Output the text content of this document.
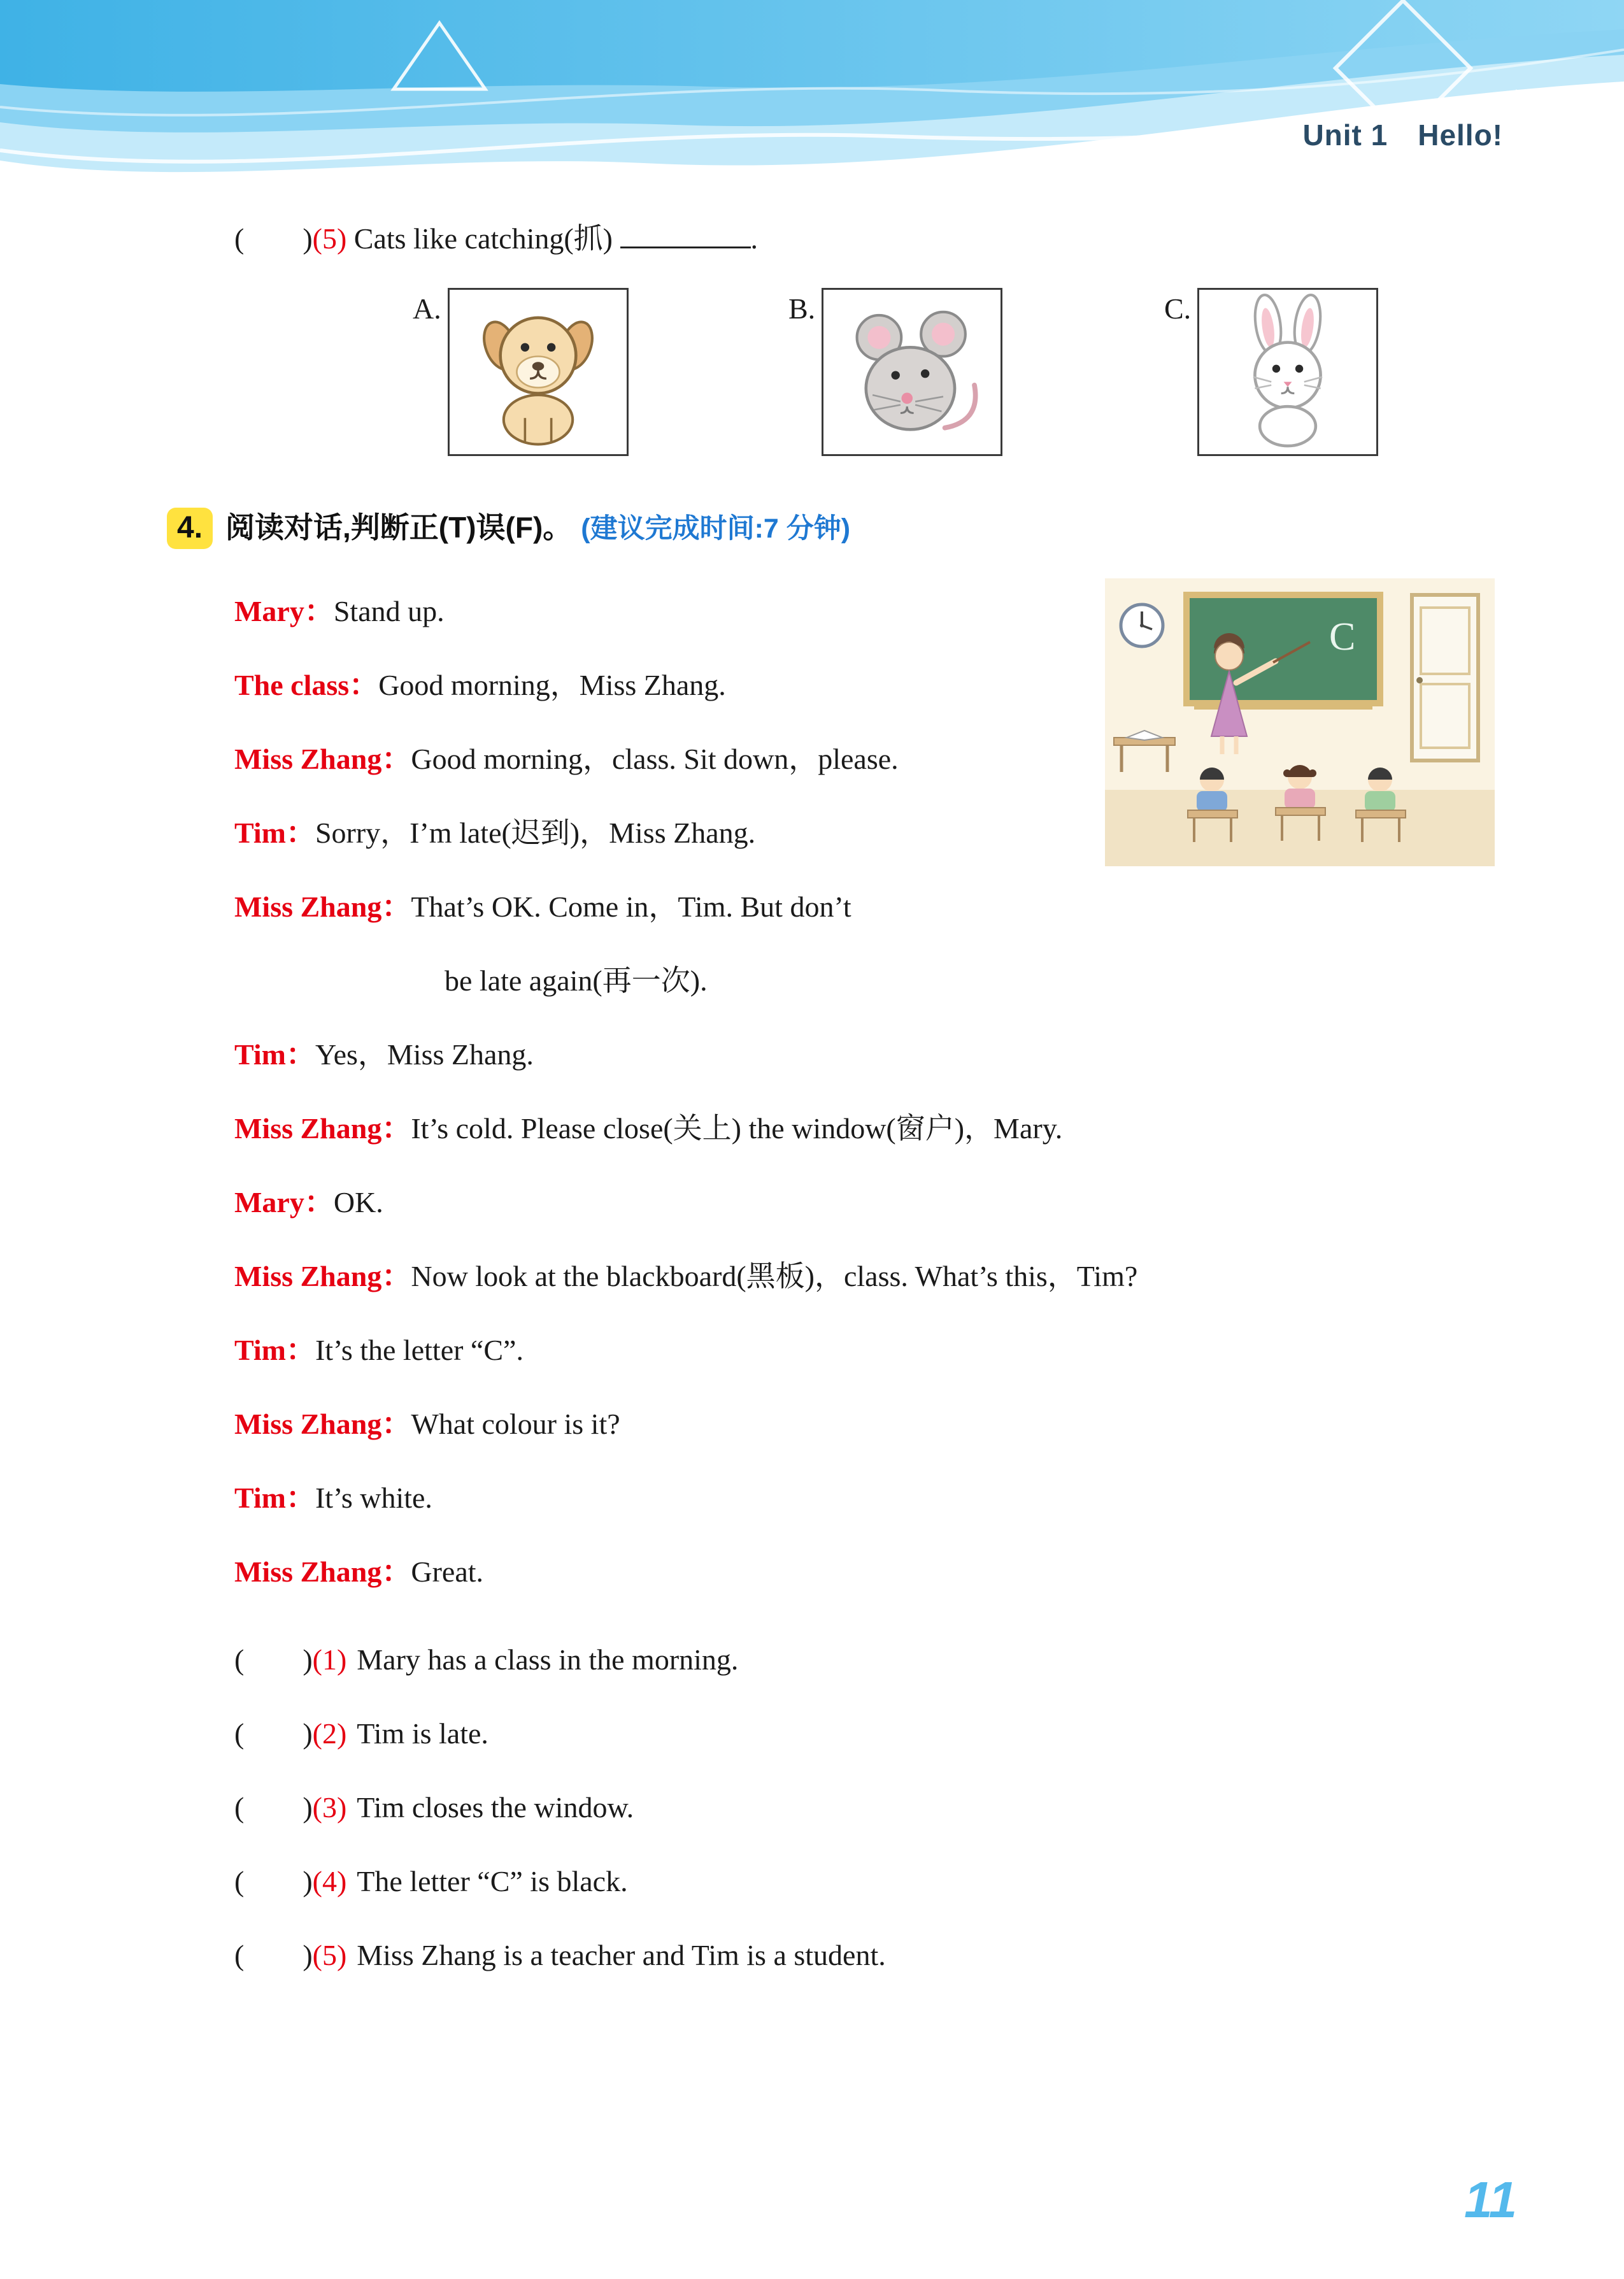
Unit 1　Hello!
(　　)(5) Cats like catching(抓)	.
A.	B.	C.
4. 阅读对话,判断正(T)误(F)。 (建议完成时间:7 分钟)
C
Mary：Stand up.
The class：Good morning，Miss Zhang.
Miss Zhang：Good morning，class. Sit down，please.
Tim：Sorry，I’m late(迟到)，Miss Zhang.
Miss Zhang：That’s OK. Come in，Tim. But don’t
be late again(再一次).
Tim：Yes，Miss Zhang.
Miss Zhang：It’s cold. Please close(关上) the window(窗户)，Mary.
Mary：OK.
Miss Zhang：Now look at the blackboard(黑板)，class. What’s this，Tim?
Tim：It’s the letter “C”.
Miss Zhang：What colour is it?
Tim：It’s white.
Miss Zhang：Great.
(　　)(1) Mary has a class in the morning.
(　　)(2) Tim is late.
(　　)(3) Tim closes the window.
(　　)(4) The letter “C” is black.
(　　)(5) Miss Zhang is a teacher and Tim is a student.
11
